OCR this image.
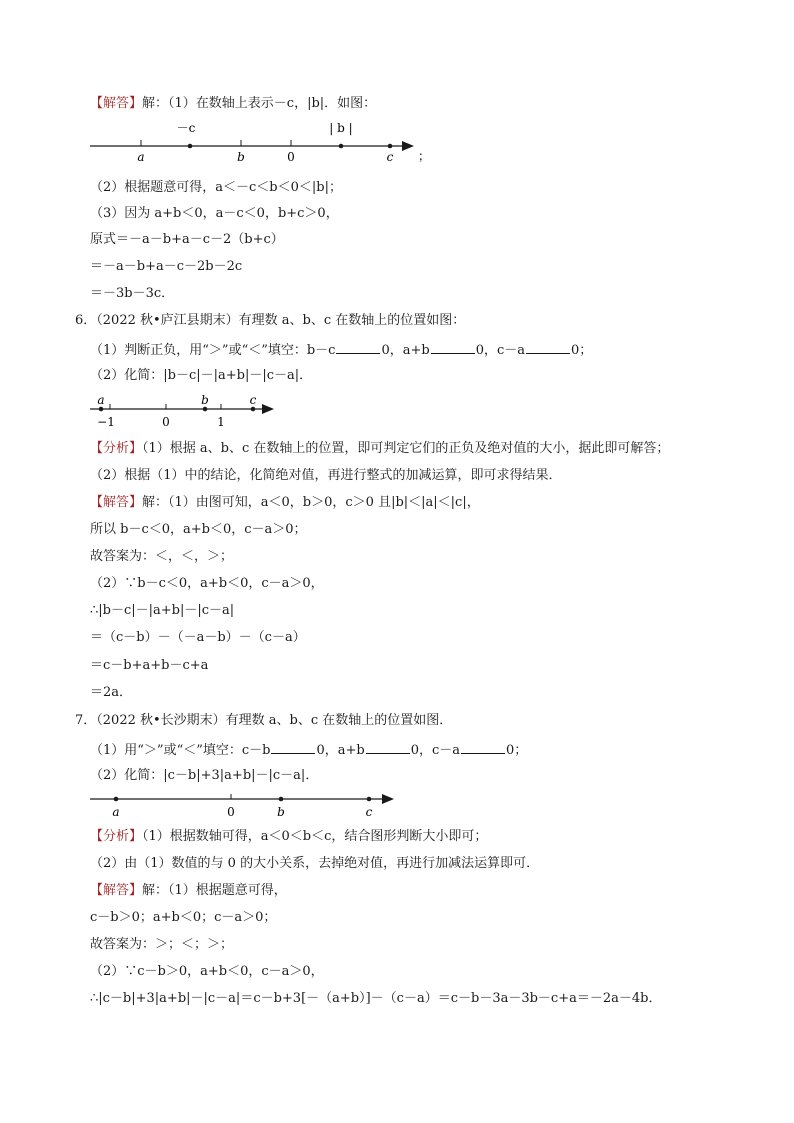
【解答】解：（1）在数轴上表示－c，|b|．如图：
a
－c
b	0
| b |
c ；
（2）根据题意可得，a＜－c＜b＜0＜|b|；
（3）因为 a+b＜0，a－c＜0，b+c＞0，
原式＝－a－b+a－c－2（b+c）
＝－a－b+a－c－2b－2c
＝－3b－3c．
6．（2022 秋•庐江县期末）有理数 a、b、c 在数轴上的位置如图：
（1）判断正负，用“＞”或“＜”填空：b－c	0，a+b	0，c－a	0；
（2）化简：|b－c|－|a+b|－|c－a|．
a
−1	0
b
1
c
【分析】（1）根据 a、b、c 在数轴上的位置，即可判定它们的正负及绝对值的大小，据此即可解答；
（2）根据（1）中的结论，化简绝对值，再进行整式的加减运算，即可求得结果．
【解答】解：（1）由图可知，a＜0，b＞0，c＞0 且|b|＜|a|＜|c|，
所以 b－c＜0，a+b＜0，c－a＞0；
故答案为：＜，＜，＞；
（2）∵b－c＜0，a+b＜0，c－a＞0，
∴|b－c|－|a+b|－|c－a|
＝（c－b）－（－a－b）－（c－a）
＝c－b+a+b－c+a
＝2a．
7．（2022 秋•长沙期末）有理数 a、b、c 在数轴上的位置如图．
（1）用“＞”或“＜”填空：c－b	0，a+b	0，c－a	0；
（2）化简：|c－b|+3|a+b|－|c－a|．
a	0	b	c
【分析】（1）根据数轴可得，a＜0＜b＜c，结合图形判断大小即可；
（2）由（1）数值的与 0 的大小关系，去掉绝对值，再进行加减法运算即可．
【解答】解：（1）根据题意可得，
c－b＞0；a+b＜0；c－a＞0；
故答案为：＞；＜；＞；
（2）∵c－b＞0，a+b＜0，c－a＞0，
∴|c－b|+3|a+b|－|c－a|＝c－b+3[－（a+b）]－（c－a）＝c－b－3a－3b－c+a＝－2a－4b．
